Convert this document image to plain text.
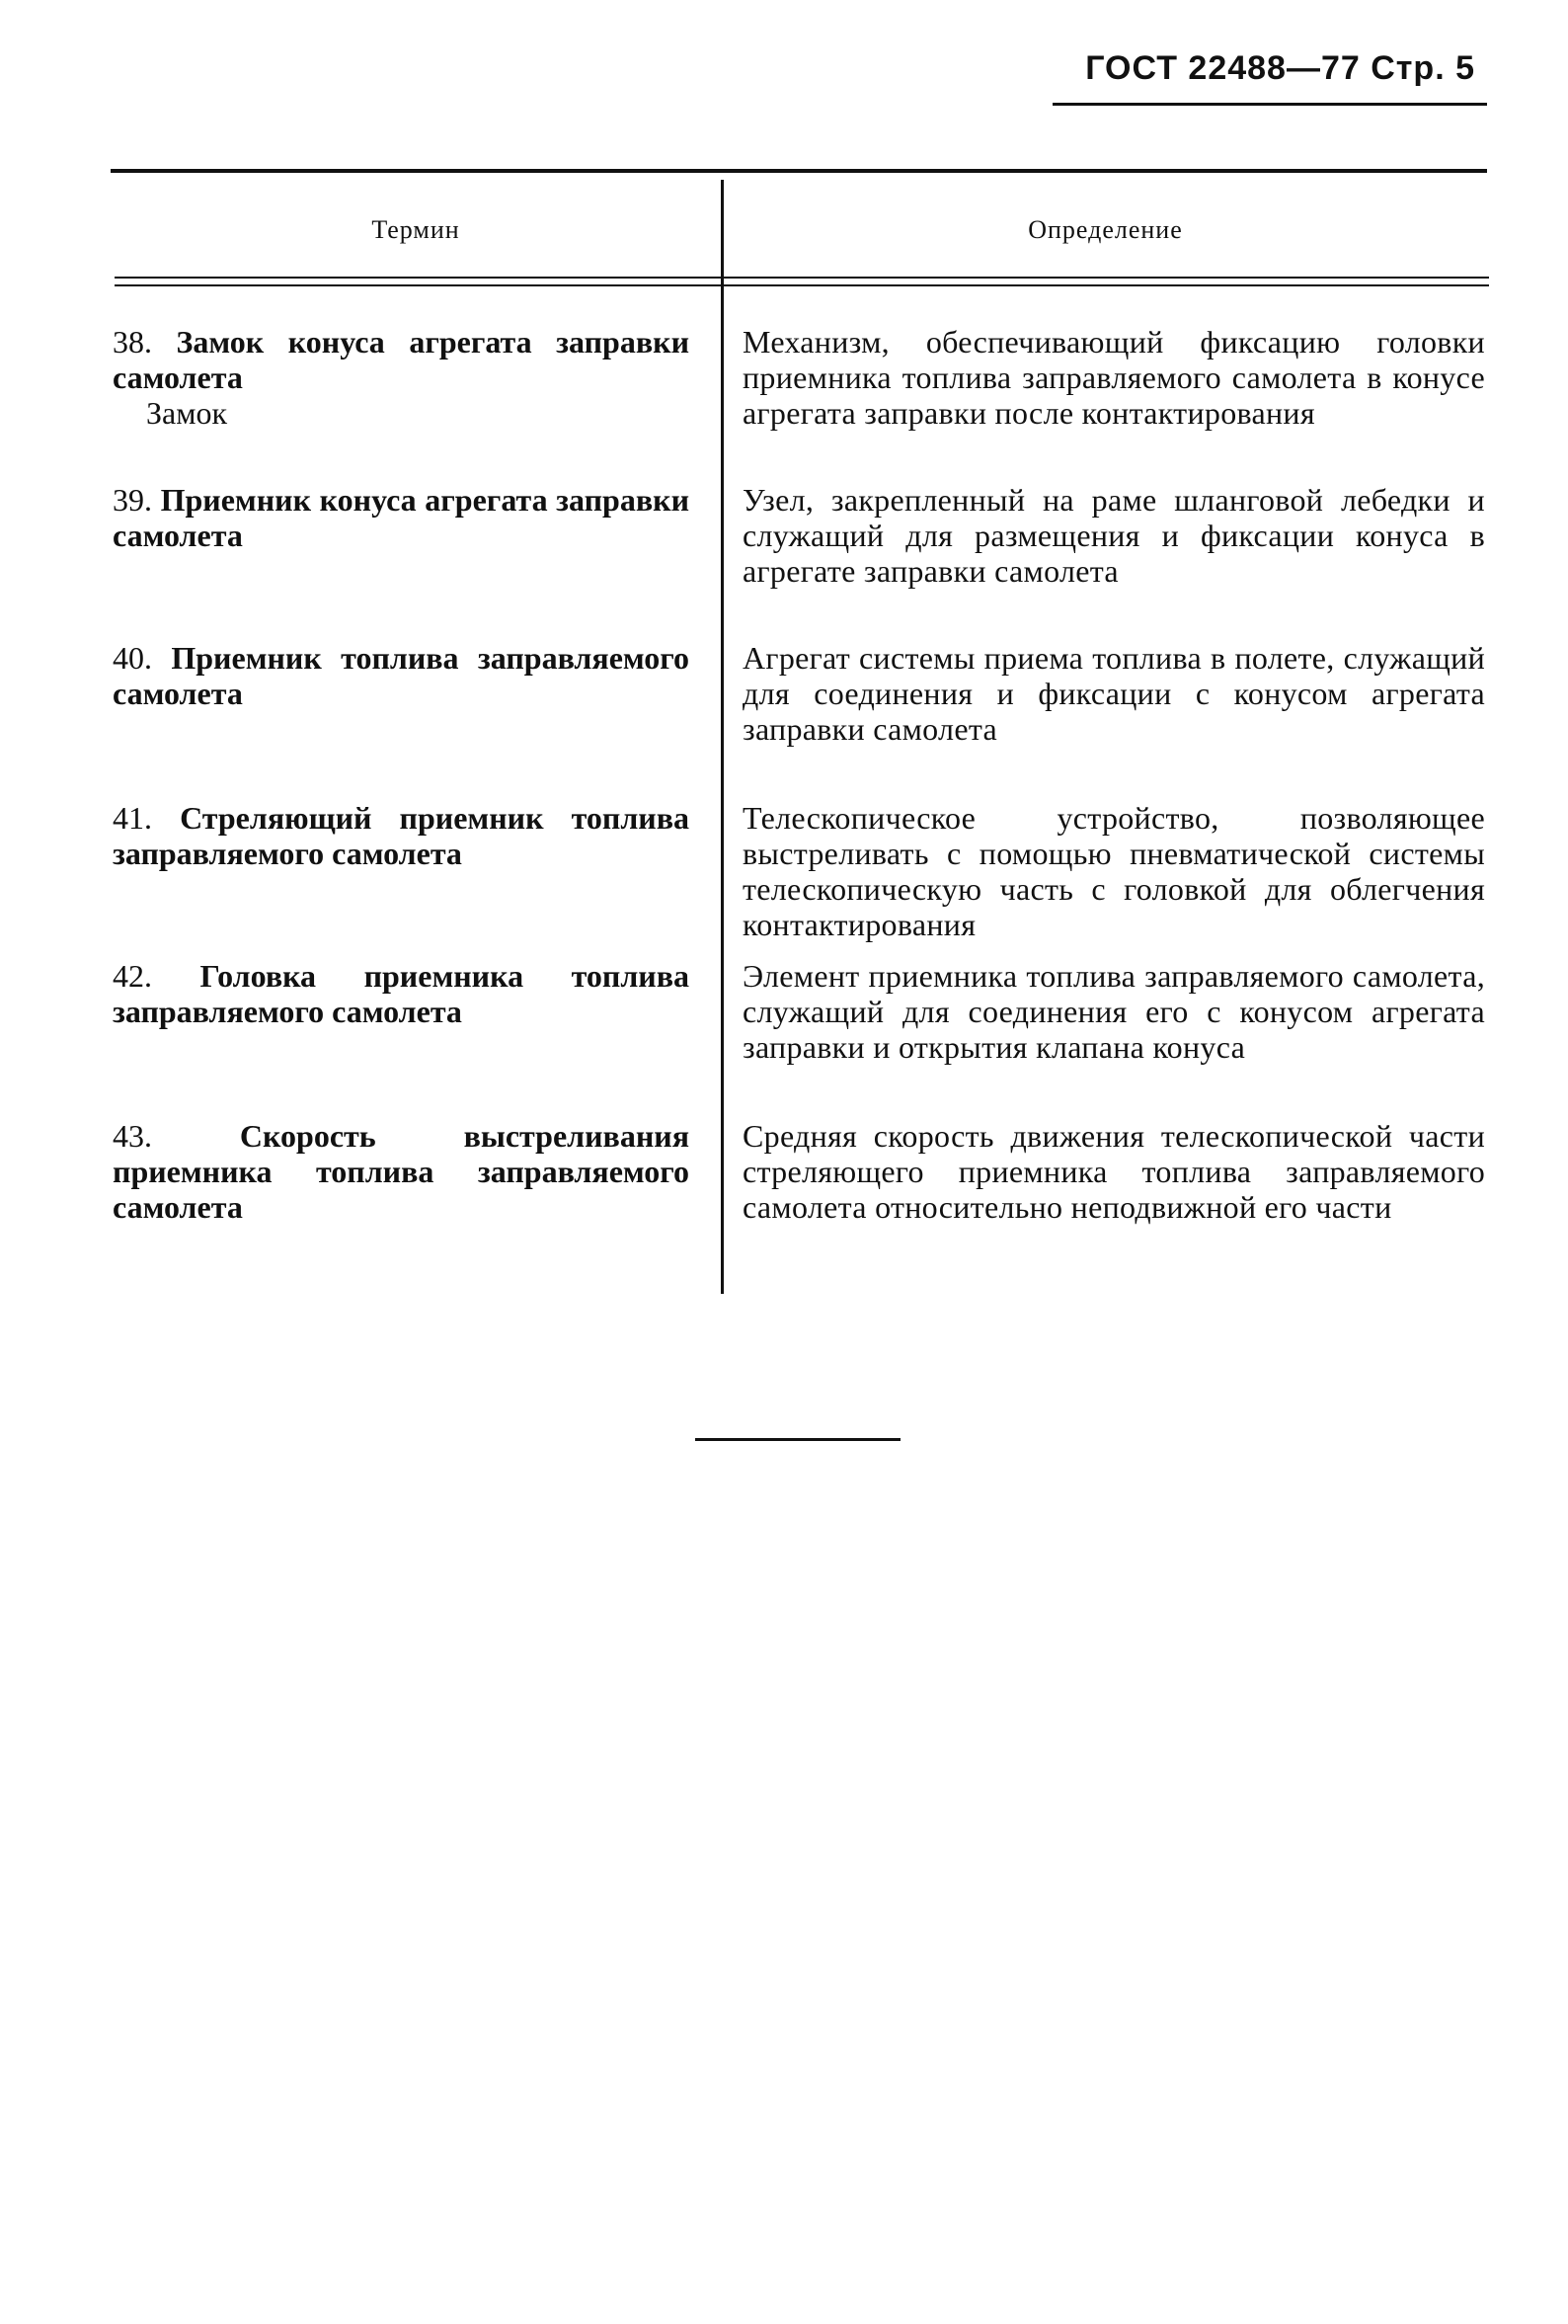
ГОСТ 22488—77 Стр. 5
Термин	Определение
38. Замок конуса агрегата заправки самолета
Замок
Механизм, обеспечивающий фиксацию головки приемника топлива заправляемого самолета в конусе агрегата заправки после контактирования
39. Приемник конуса агрегата заправки самолета
Узел, закрепленный на раме шланговой лебедки и служащий для размещения и фиксации конуса в агрегате заправки самолета
40. Приемник топлива заправляемого самолета
Агрегат системы приема топлива в полете, служащий для соединения и фиксации с конусом агрегата заправки самолета
41. Стреляющий приемник топлива заправляемого самолета
Телескопическое устройство, позволяющее выстреливать с помощью пневматической системы телескопическую часть с головкой для облегчения контактирования
42. Головка приемника топлива заправляемого самолета
Элемент приемника топлива заправляемого самолета, служащий для соединения его с конусом агрегата заправки и открытия клапана конуса
43.	Скорость выстреливания приемника топлива заправляемого самолета
Средняя скорость движения телескопической части стреляющего приемника топлива заправляемого самолета относительно неподвижной его части
